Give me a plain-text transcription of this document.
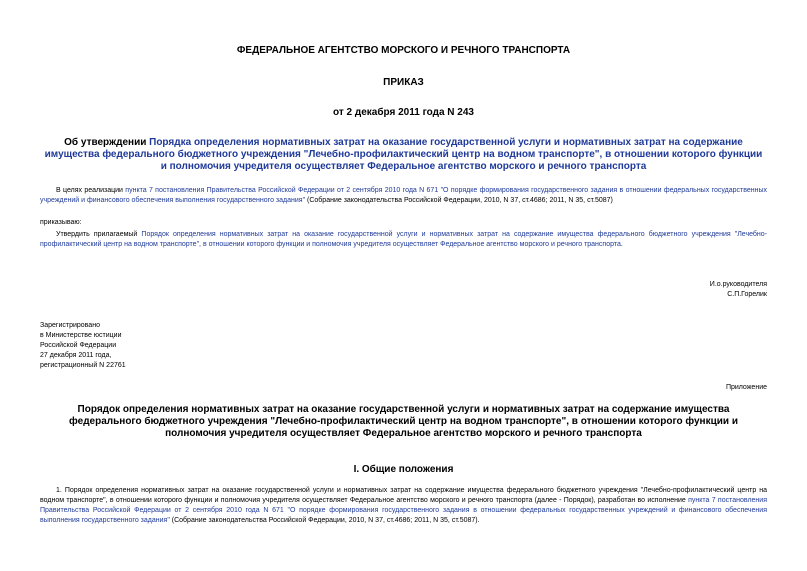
ФЕДЕРАЛЬНОЕ АГЕНТСТВО МОРСКОГО И РЕЧНОГО ТРАНСПОРТА
ПРИКАЗ
от 2 декабря 2011 года N 243
Об утверждении Порядка определения нормативных затрат на оказание государственной услуги и нормативных затрат на содержание имущества федерального бюджетного учреждения "Лечебно-профилактический центр на водном транспорте", в отношении которого функции и полномочия учредителя осуществляет Федеральное агентство морского и речного транспорта
В целях реализации пункта 7 постановления Правительства Российской Федерации от 2 сентября 2010 года N 671 "О порядке формирования государственного задания в отношении федеральных государственных учреждений и финансового обеспечения выполнения государственного задания" (Собрание законодательства Российской Федерации, 2010, N 37, ст.4686; 2011, N 35, ст.5087)
приказываю:
Утвердить прилагаемый Порядок определения нормативных затрат на оказание государственной услуги и нормативных затрат на содержание имущества федерального бюджетного учреждения "Лечебно-профилактический центр на водном транспорте", в отношении которого функции и полномочия учредителя осуществляет Федеральное агентство морского и речного транспорта.

И.о.руководителя

С.П.Горелик

Зарегистрировано

в Министерстве юстиции

Российской Федерации

27 декабря 2011 года,

регистрационный N 22761

Приложение
Порядок определения нормативных затрат на оказание государственной услуги и нормативных затрат на содержание имущества федерального бюджетного учреждения "Лечебно-профилактический центр на водном транспорте", в отношении которого функции и полномочия учредителя осуществляет Федеральное агентство морского и речного транспорта
I. Общие положения
1. Порядок определения нормативных затрат на оказание государственной услуги и нормативных затрат на содержание имущества федерального бюджетного учреждения "Лечебно-профилактический центр на водном транспорте", в отношении которого функции и полномочия учредителя осуществляет Федеральное агентство морского и речного транспорта (далее - Порядок), разработан во исполнение пункта 7 постановления Правительства Российской Федерации от 2 сентября 2010 года N 671 "О порядке формирования государственного задания в отношении федеральных государственных учреждений и финансового обеспечения выполнения государственного задания" (Собрание законодательства Российской Федерации, 2010, N 37, ст.4686; 2011, N 35, ст.5087).
